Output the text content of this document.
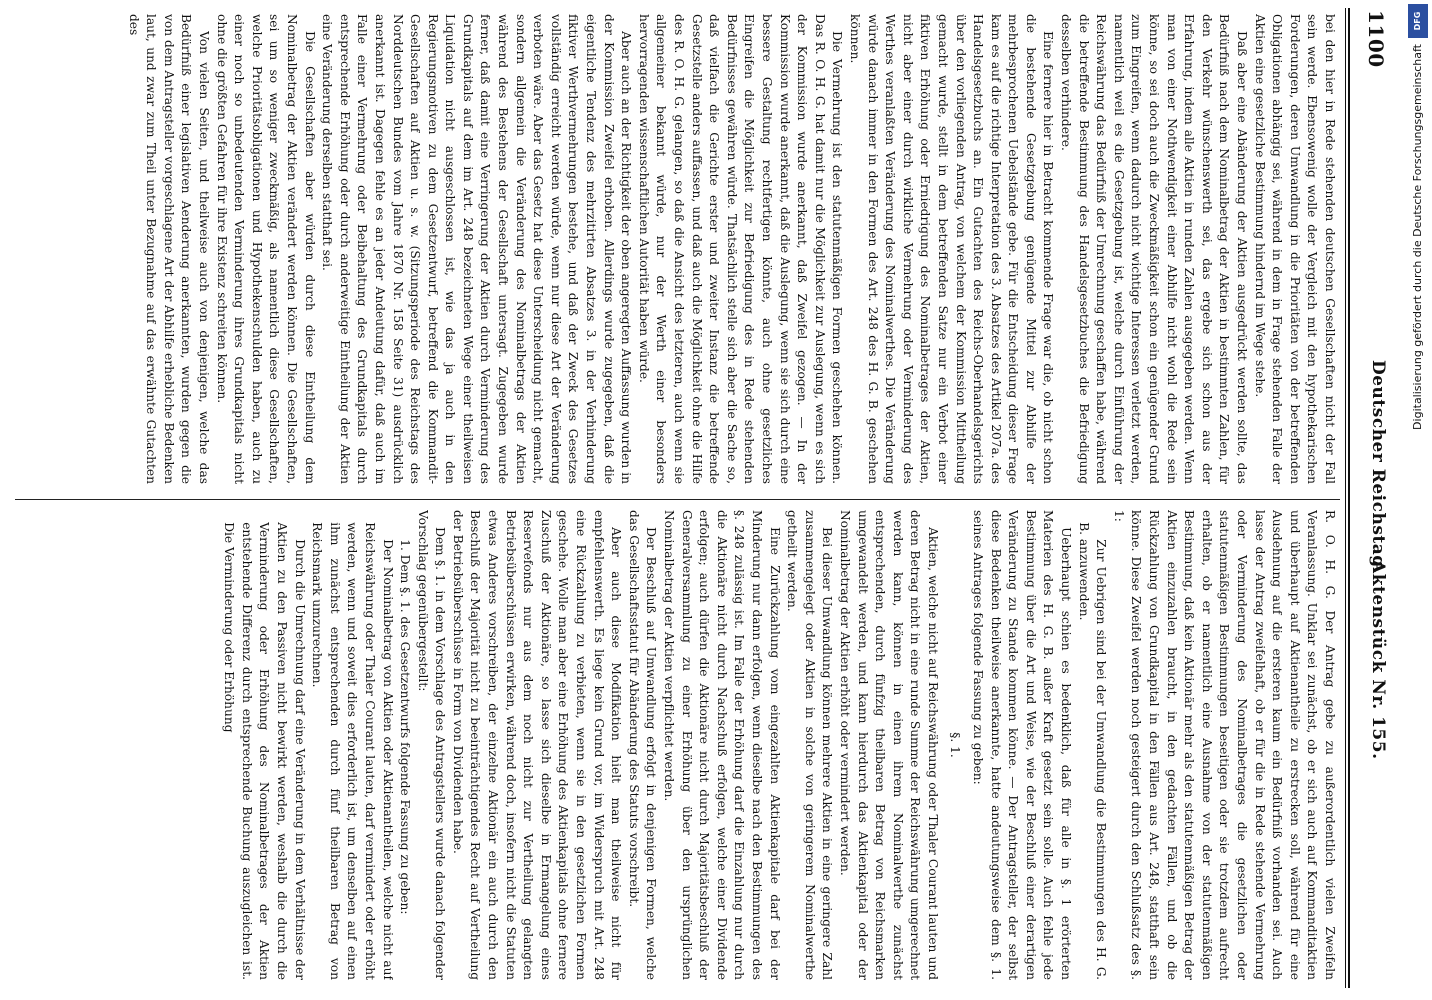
1100
Deutscher Reichstag.
Aktenstück Nr. 155.

bei den hier in Rede stehenden deutschen Gesellschaften nicht der Fall sein werde. Ebensowenig wolle der Vergleich mit den hypothekarischen Forderungen, deren Umwandlung in die Prioritäten von der betreffenden Obligationen abhängig sei, während in dem in Frage stehenden Falle der Aktien eine gesetzliche Bestimmung hindernd im Wege stehe.

Daß aber eine Abänderung der Aktien ausgedrückt werden sollte, das Bedürfniß nach dem Nominalbetrag der Aktien in bestimmten Zahlen, für den Verkehr wünschenswerth sei, das ergebe sich schon aus der Erfahrung, indem alle Aktien in runden Zahlen ausgegeben werden. Wenn man von einer Nothwendigkeit einer Abhilfe nicht wohl die Rede sein könne, so sei doch auch die Zweckmäßigkeit schon ein genügender Grund zum Eingreifen, wenn dadurch nicht wichtige Interessen verletzt werden, namentlich weil es die Gesetzgebung ist, welche durch Einführung der Reichswährung das Bedürfniß der Umrechnung geschaffen habe, während die betreffende Bestimmung des Handelsgesetzbuches die Befriedigung desselben verhindere.

Eine fernere hier in Betracht kommende Frage war die, ob nicht schon die bestehende Gesetzgebung genügende Mittel zur Abhilfe der mehrbesprochenen Uebelstände gebe. Für die Entscheidung dieser Frage kam es auf die richtige Interpretation des 3. Absatzes des Artikel 207a. des Handelsgesetzbuchs an. Ein Gutachten des Reichs-Oberhandelsgerichts über den vorliegenden Antrag, von welchem der Kommission Mittheilung gemacht wurde, stellt in dem betreffenden Satze nur ein Verbot einer fiktiven Erhöhung oder Erniedrigung des Nominalbetrages der Aktien, nicht aber einer durch wirkliche Vermehrung oder Verminderung des Werthes veranlaßten Veränderung des Nominalwerthes. Die Veränderung würde danach immer in den Formen des Art. 248 des H. G. B. geschehen können.

Die Vermehrung ist den statutenmäßigen Formen geschehen können. Das R. O. H. G. hat damit nur die Möglichkeit zur Auslegung, wenn es sich der Kommission wurde anerkannt, daß Zweifel gezogen. — In der Kommission wurde anerkannt, daß die Auslegung, wenn sie sich durch eine bessere Gestaltung rechtfertigen könnte, auch ohne gesetzliches Eingreifen die Möglichkeit zur Befriedigung des in Rede stehenden Bedürfnisses gewähren würde. Thatsächlich stelle sich aber die Sache so, daß vielfach die Gerichte erster und zweiter Instanz die betreffende Gesetzstelle anders auffassen, und daß auch die Möglichkeit ohne die Hilfe des R. O. H. G. gelangen, so daß die Ansicht des letzteren, auch wenn sie allgemeiner bekannt würde, nur der Werth einer besonders hervorragenden wissenschaftlichen Autorität haben würde.

Aber auch an der Richtigkeit der oben angeregten Auffassung wurden in der Kommission Zweifel erhoben. Allerdings wurde zugegeben, daß die eigentliche Tendenz des mehrzitirten Absatzes 3. in der Verhinderung fiktiver Werthvermehrungen bestehe, und daß der Zweck des Gesetzes vollständig erreicht werden würde, wenn nur diese Art der Veränderung verboten wäre. Aber das Gesetz hat diese Unterscheidung nicht gemacht, sondern allgemein die Veränderung des Nominalbetrags der Aktien während des Bestehens der Gesellschaft untersagt. Zugegeben wurde ferner, daß damit eine Verringerung der Aktien durch Verminderung des Grundkapitals auf dem im Art. 248 bezeichneten Wege einer theilweisen Liquidation nicht ausgeschlossen ist, wie das ja auch in den Regierungsmotiven zu dem Gesetzentwurf, betreffend die Kommandit-Gesellschaften auf Aktien u. s. w. (Sitzungsperiode des Reichstags des Norddeutschen Bundes vom Jahre 1870 Nr. 158 Seite 31) ausdrücklich anerkannt ist. Dagegen fehle es an jeder Andeutung dafür, daß auch im Falle einer Vermehrung oder Beibehaltung des Grundkapitals durch entsprechende Erhöhung oder durch anderweitige Eintheilung der Aktien eine Veränderung derselben statthaft sei.

Die Gesellschaften aber würden durch diese Eintheilung dem Nominalbetrag der Aktien verändert werden können. Die Gesellschaften, sei um so weniger zweckmäßig, als namentlich diese Gesellschaften, welche Prioritätsobligationen und Hypothekenschulden haben, auch zu einer noch so unbedeutenden Verminderung ihres Grundkapitals nicht ohne die größten Gefahren für ihre Existenz schreiten können.

Von vielen Seiten, und theilweise auch von denjenigen, welche das Bedürfniß einer legislativen Aenderung anerkannten, wurden gegen die von dem Antragsteller vorgeschlagene Art der Abhilfe erhebliche Bedenken laut, und zwar zum Theil unter Bezugnahme auf das erwähnte Gutachten des

R. O. H. G. Der Antrag gebe zu außerordentlich vielen Zweifeln Veranlassung. Unklar sei zunächst, ob er sich auch auf Kommanditaktien und überhaupt auf Aktienantheile zu erstrecken soll, während für eine Ausdehnung auf die ersteren kaum ein Bedürfniß vorhanden sei. Auch lasse der Antrag zweifelhaft, ob er für die in Rede stehende Vermehrung oder Verminderung des Nominalbetrages die gesetzlichen oder statutenmäßigen Bestimmungen beseitigen oder sie trotzdem aufrecht erhalten, ob er namentlich eine Ausnahme von der statutenmäßigen Bestimmung, daß kein Aktionär mehr als den statutenmäßigen Betrag der Aktien einzuzahlen braucht, in den gedachten Fällen, und ob die Rückzahlung von Grundkapital in den Fällen aus Art. 248, statthaft sein könne. Diese Zweifel werden noch gesteigert durch den Schlußsatz des §. 1:

Zur Uebrigen sind bei der Umwandlung die Bestimmungen des H. G. B. anzuwenden.

Ueberhaupt schien es bedenklich, daß für alle in §. 1 erörterten Materien des H. G. B. außer Kraft gesetzt sein solle. Auch fehle jede Bestimmung über die Art und Weise, wie der Beschluß einer derartigen Veränderung zu Stande kommen könne. — Der Antragsteller, der selbst diese Bedenken theilweise anerkannte, hatte andeutungsweise dem §. 1. seines Antrages folgende Fassung zu geben:

§. 1.

Aktien, welche nicht auf Reichswährung oder Thaler Courant lauten und deren Betrag nicht in eine runde Summe der Reichswährung umgerechnet werden kann, können in einen ihrem Nominalwerthe zunächst entsprechenden, durch fünfzig theilbaren Betrag von Reichsmarken umgewandelt werden, und kann hierdurch das Aktienkapital oder der Nominalbetrag der Aktien erhöht oder vermindert werden.

Bei dieser Umwandlung können mehrere Aktien in eine geringere Zahl zusammengelegt oder Aktien in solche von geringerem Nominalwerthe getheilt werden.

Eine Zurückzahlung vom eingezahlten Aktienkapitale darf bei der Minderung nur dann erfolgen, wenn dieselbe nach den Bestimmungen des §. 248 zulässig ist. Im Falle der Erhöhung darf die Einzahlung nur durch die Aktionäre nicht durch Nachschuß erfolgen, welche einer Dividende erfolgen; auch dürfen die Aktionäre nicht durch Majoritätsbeschluß der Generalversammlung zu einer Erhöhung über den ursprünglichen Nominalbetrag der Aktien verpflichtet werden.

Der Beschluß auf Umwandlung erfolgt in denjenigen Formen, welche das Gesellschaftsstatut für Abänderung des Statuts vorschreibt.

Aber auch diese Modifikation hielt man theilweise nicht für empfehlenswerth. Es liege kein Grund vor, im Widerspruch mit Art. 248 eine Rückzahlung zu verbieten, wenn sie in den gesetzlichen Formen geschehe. Wolle man aber eine Erhöhung des Aktienkapitals ohne fernere Zuschuß der Aktionäre, so lasse sich dieselbe in Ermangelung eines Reservefonds nur aus dem noch nicht zur Vertheilung gelangten Betriebsüberschüssen erwirken, während doch, insofern nicht die Statuten etwas Anderes vorschreiben, der einzelne Aktionär ein auch durch den Beschluß der Majorität nicht zu beeinträchtigendes Recht auf Vertheilung der Betriebsüberschüsse in Form von Dividenden habe.

Dem §. 1. in dem Vorschlage des Antragstellers wurde danach folgender Vorschlag gegenübergestellt:

1. Dem §. 1. des Gesetzentwurfs folgende Fassung zu geben:

Der Nominalbetrag von Aktien oder Aktienantheilen, welche nicht auf Reichswährung oder Thaler Courant lauten, darf vermindert oder erhöht werden, wenn und soweit dies erforderlich ist, um denselben auf einen ihm zunächst entsprechenden durch fünf theilbaren Betrag von Reichsmark umzurechnen.

Durch die Umrechnung darf eine Veränderung in dem Verhältnisse der Aktien zu den Passiven nicht bewirkt werden, weshalb die durch die Verminderung oder Erhöhung des Nominalbetrages der Aktien entstehende Differenz durch entsprechende Buchung auszugleichen ist. Die Verminderung oder Erhöhung

Digitalisierung gefördert durch die Deutsche Forschungsgemeinschaft
DFG
